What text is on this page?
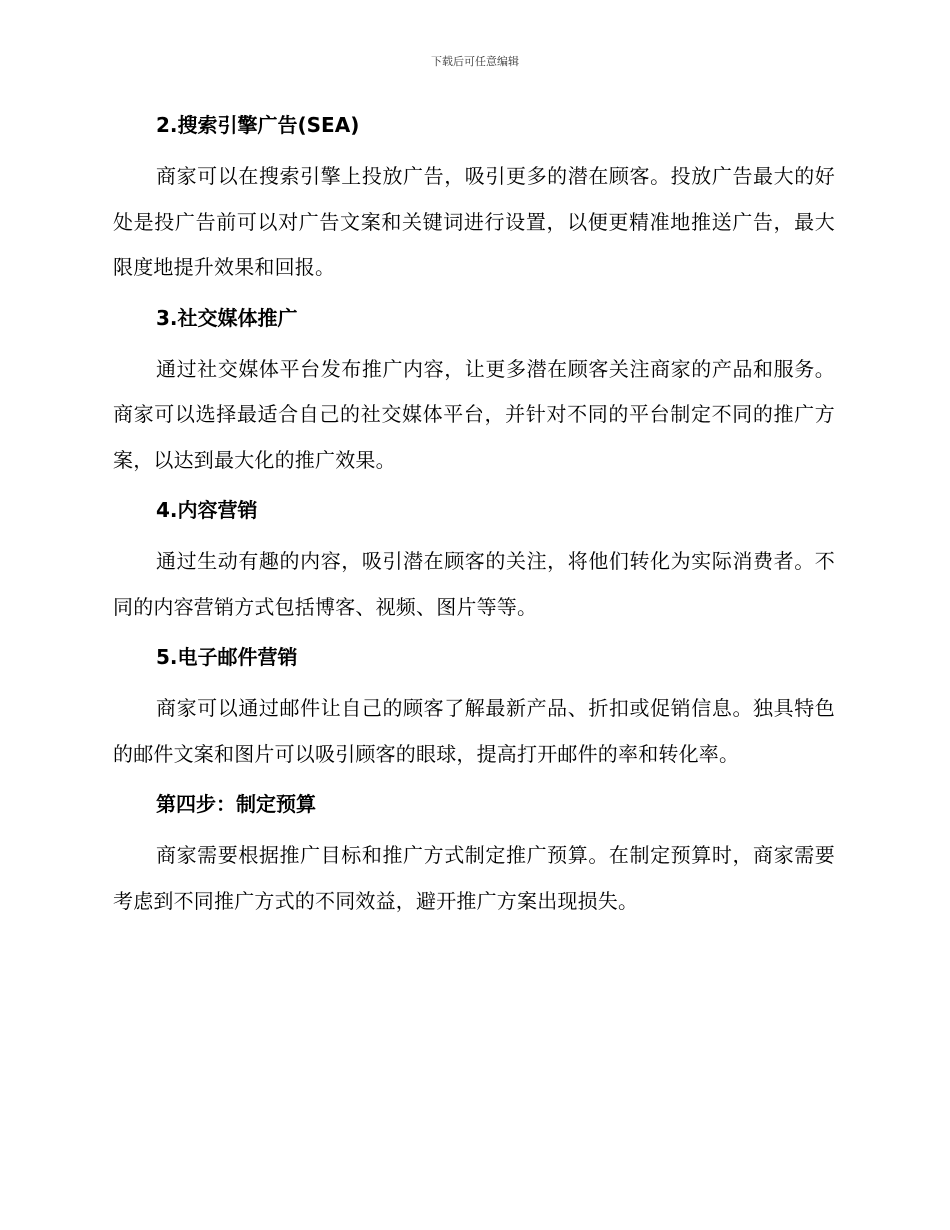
下载后可任意编辑
2.搜索引擎广告(SEA)

商家可以在搜索引擎上投放广告，吸引更多的潜在顾客。投放广告最大的好处是投广告前可以对广告文案和关键词进行设置，以便更精准地推送广告，最大限度地提升效果和回报。

3.社交媒体推广

通过社交媒体平台发布推广内容，让更多潜在顾客关注商家的产品和服务。商家可以选择最适合自己的社交媒体平台，并针对不同的平台制定不同的推广方案，以达到最大化的推广效果。

4.内容营销

通过生动有趣的内容，吸引潜在顾客的关注，将他们转化为实际消费者。不同的内容营销方式包括博客、视频、图片等等。

5.电子邮件营销

商家可以通过邮件让自己的顾客了解最新产品、折扣或促销信息。独具特色的邮件文案和图片可以吸引顾客的眼球，提高打开邮件的率和转化率。

第四步：制定预算

商家需要根据推广目标和推广方式制定推广预算。在制定预算时，商家需要考虑到不同推广方式的不同效益，避开推广方案出现损失。
